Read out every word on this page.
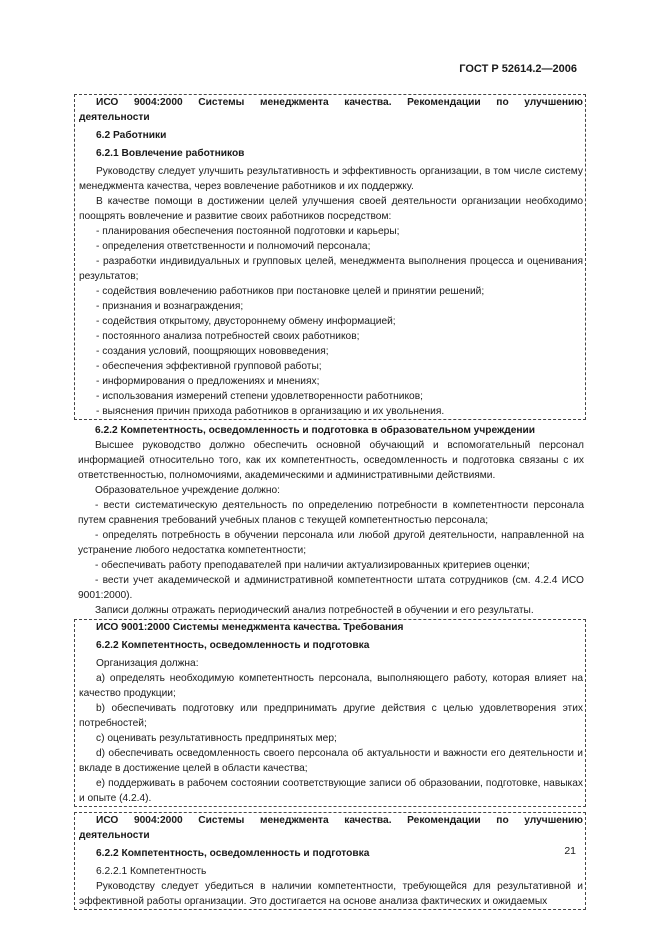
ГОСТ Р 52614.2—2006

ИСО 9004:2000 Системы менеджмента качества. Рекомендации по улучшению

деятельности

6.2 Работники

6.2.1 Вовлечение работников

Руководству следует улучшить результативность и эффективность организации, в том числе систему менеджмента качества, через вовлечение работников и их поддержку.

В качестве помощи в достижении целей улучшения своей деятельности организации необходимо поощрять вовлечение и развитие своих работников посредством:

- планирования обеспечения постоянной подготовки и карьеры;

- определения ответственности и полномочий персонала;

- разработки индивидуальных и групповых целей, менеджмента выполнения процесса и оценивания результатов;

- содействия вовлечению работников при постановке целей и принятии решений;

- признания и вознаграждения;

- содействия открытому, двустороннему обмену информацией;

- постоянного анализа потребностей своих работников;

- создания условий, поощряющих нововведения;

- обеспечения эффективной групповой работы;

- информирования о предложениях и мнениях;

- использования измерений степени удовлетворенности работников;

- выяснения причин прихода работников в организацию и их увольнения.

6.2.2 Компетентность, осведомленность и подготовка в образовательном учреждении

Высшее руководство должно обеспечить основной обучающий и вспомогательный персонал информацией относительно того, как их компетентность, осведомленность и подготовка связаны с их ответственностью, полномочиями, академическими и административными действиями.

Образовательное учреждение должно:

- вести систематическую деятельность по определению потребности в компетентности персонала путем сравнения требований учебных планов с текущей компетентностью персонала;

- определять потребность в обучении персонала или любой другой деятельности, направленной на устранение любого недостатка компетентности;

- обеспечивать работу преподавателей при наличии актуализированных критериев оценки;

- вести учет академической и административной компетентности штата сотрудников (см. 4.2.4 ИСО 9001:2000).

Записи должны отражать периодический анализ потребностей в обучении и его результаты.

ИСО 9001:2000 Системы менеджмента качества. Требования

6.2.2 Компетентность, осведомленность и подготовка

Организация должна:

а) определять необходимую компетентность персонала, выполняющего работу, которая влияет на качество продукции;

b) обеспечивать подготовку или предпринимать другие действия с целью удовлетворения этих потребностей;

с) оценивать результативность предпринятых мер;

d) обеспечивать осведомленность своего персонала об актуальности и важности его деятельности и вкладе в достижение целей в области качества;

е) поддерживать в рабочем состоянии соответствующие записи об образовании, подготовке, навыках и опыте (4.2.4).

ИСО 9004:2000 Системы менеджмента качества. Рекомендации по улучшению

деятельности

6.2.2 Компетентность, осведомленность и подготовка

6.2.2.1 Компетентность

Руководству следует убедиться в наличии компетентности, требующейся для результативной и эффективной работы организации. Это достигается на основе анализа фактических и ожидаемых

21
